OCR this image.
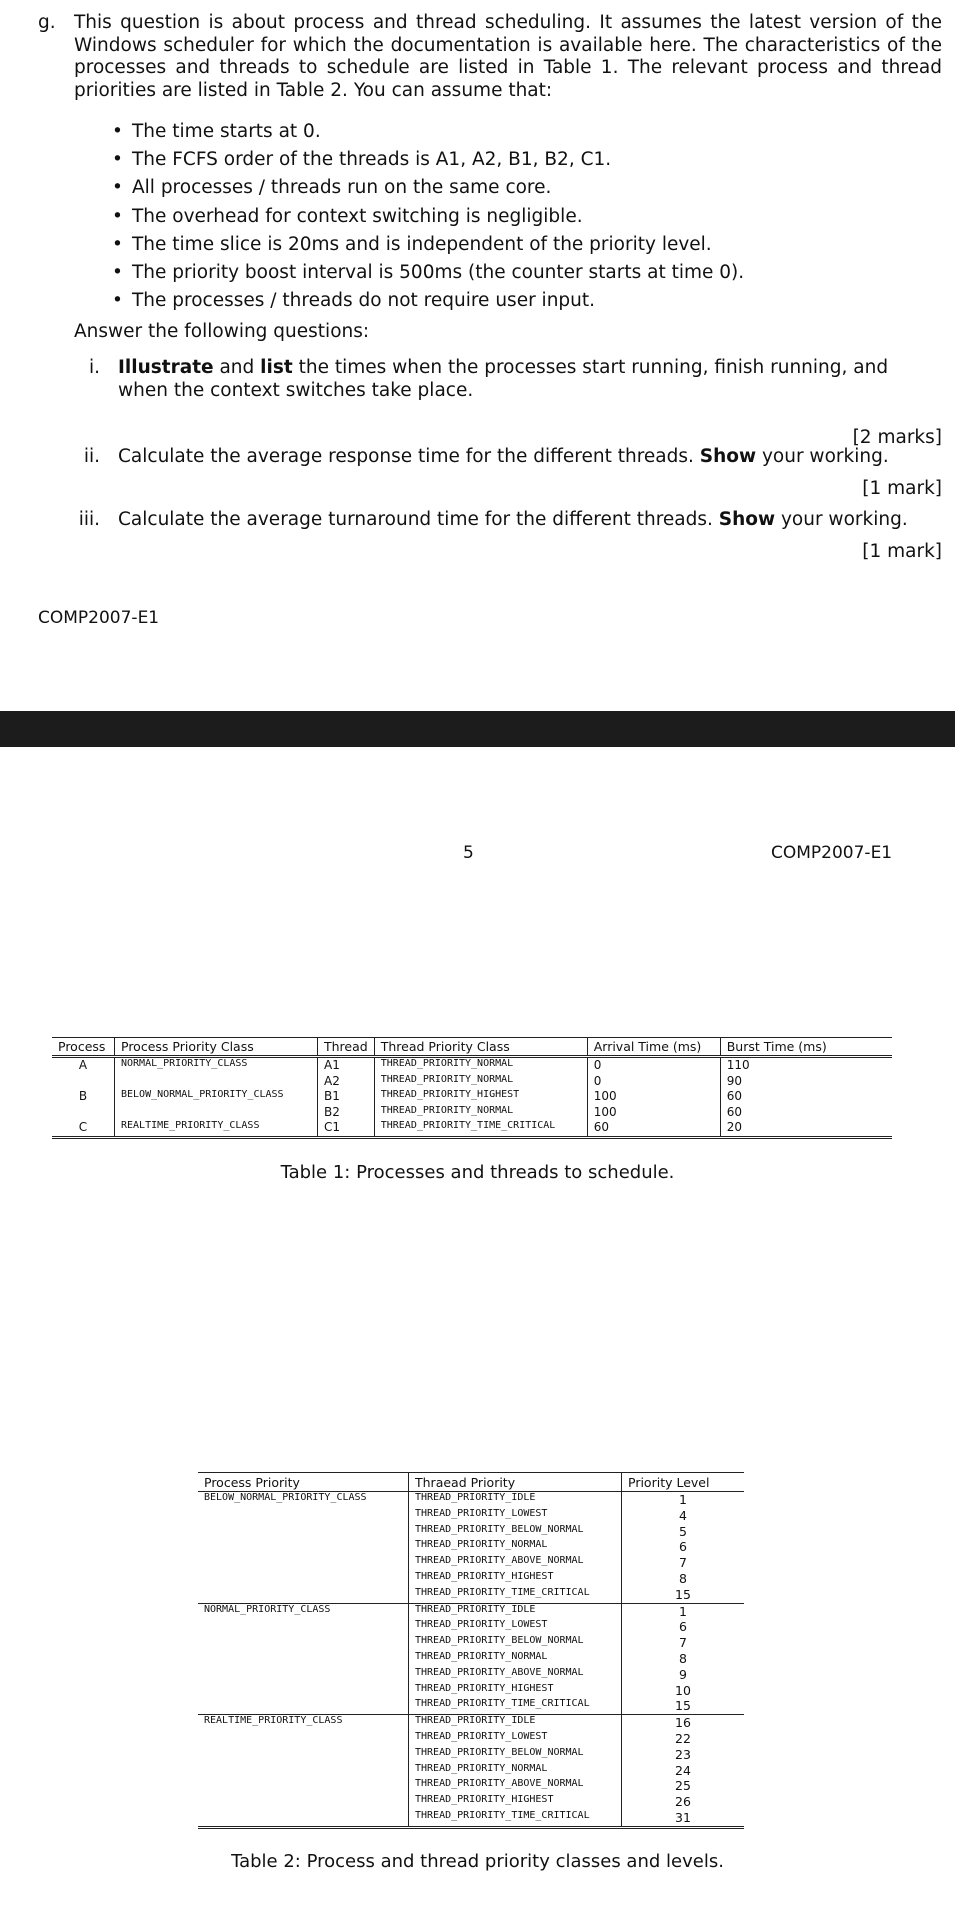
g. This question is about process and thread scheduling. It assumes the latest version of the Windows scheduler for which the documentation is available here. The characteristics of the processes and threads to schedule are listed in Table 1. The relevant process and thread priorities are listed in Table 2. You can assume that:
• The time starts at 0.
• The FCFS order of the threads is A1, A2, B1, B2, C1.
• All processes / threads run on the same core.
• The overhead for context switching is negligible.
• The time slice is 20ms and is independent of the priority level.
• The priority boost interval is 500ms (the counter starts at time 0).
• The processes / threads do not require user input.
Answer the following questions:
i. Illustrate and list the times when the processes start running, finish running, and
when the context switches take place.
[2 marks]
ii. Calculate the average response time for the different threads. Show your working.
[1 mark]
iii. Calculate the average turnaround time for the different threads. Show your working.
[1 mark]
COMP2007-E1
5	COMP2007-E1
Process	Process Priority Class	Thread	Thread Priority Class	Arrival Time (ms)	Burst Time (ms)
A	NORMAL_PRIORITY_CLASS	A1	THREAD_PRIORITY_NORMAL	0	110
		A2	THREAD_PRIORITY_NORMAL	0	90
B	BELOW_NORMAL_PRIORITY_CLASS	B1	THREAD_PRIORITY_HIGHEST	100	60
		B2	THREAD_PRIORITY_NORMAL	100	60
C	REALTIME_PRIORITY_CLASS	C1	THREAD_PRIORITY_TIME_CRITICAL	60	20
Table 1: Processes and threads to schedule.
Process Priority	Thraead Priority	Priority Level
BELOW_NORMAL_PRIORITY_CLASS	THREAD_PRIORITY_IDLE	1
	THREAD_PRIORITY_LOWEST	4
	THREAD_PRIORITY_BELOW_NORMAL	5
	THREAD_PRIORITY_NORMAL	6
	THREAD_PRIORITY_ABOVE_NORMAL	7
	THREAD_PRIORITY_HIGHEST	8
	THREAD_PRIORITY_TIME_CRITICAL	15
NORMAL_PRIORITY_CLASS	THREAD_PRIORITY_IDLE	1
	THREAD_PRIORITY_LOWEST	6
	THREAD_PRIORITY_BELOW_NORMAL	7
	THREAD_PRIORITY_NORMAL	8
	THREAD_PRIORITY_ABOVE_NORMAL	9
	THREAD_PRIORITY_HIGHEST	10
	THREAD_PRIORITY_TIME_CRITICAL	15
REALTIME_PRIORITY_CLASS	THREAD_PRIORITY_IDLE	16
	THREAD_PRIORITY_LOWEST	22
	THREAD_PRIORITY_BELOW_NORMAL	23
	THREAD_PRIORITY_NORMAL	24
	THREAD_PRIORITY_ABOVE_NORMAL	25
	THREAD_PRIORITY_HIGHEST	26
	THREAD_PRIORITY_TIME_CRITICAL	31
Table 2: Process and thread priority classes and levels.
